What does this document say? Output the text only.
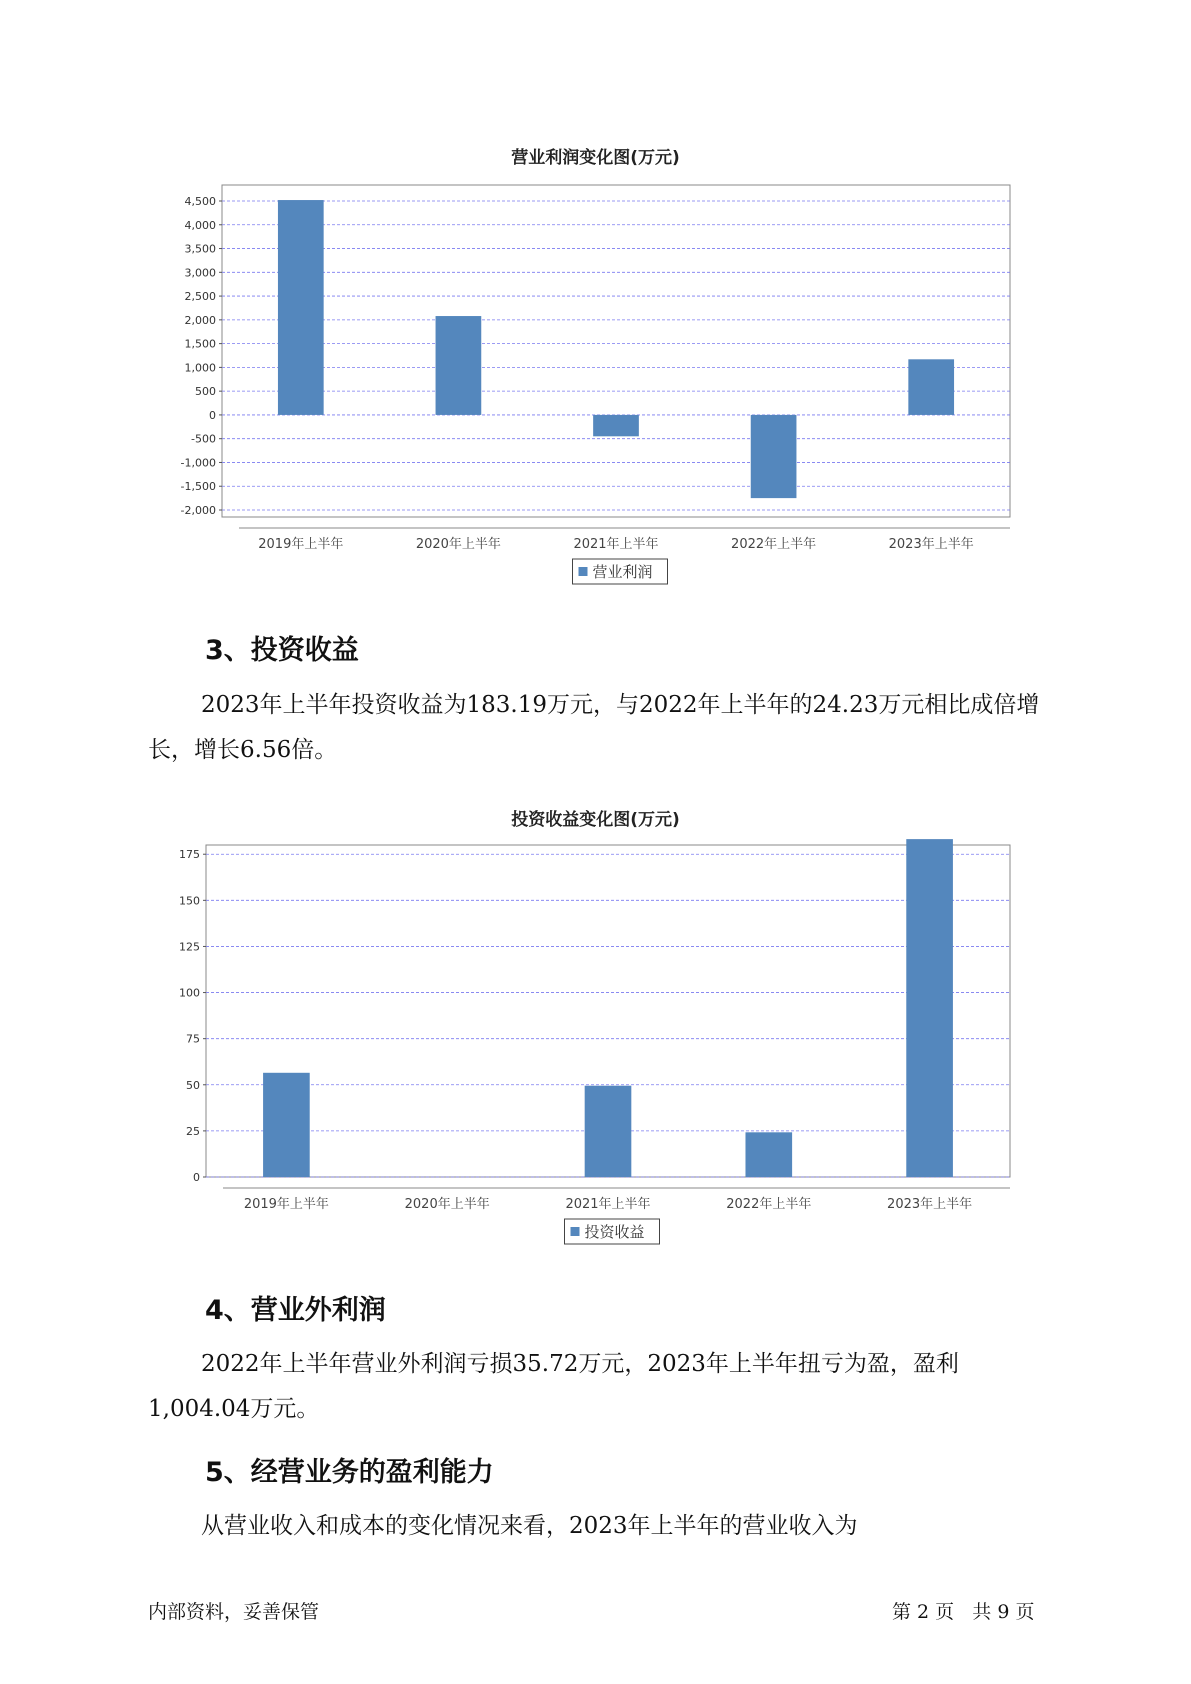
营业利润变化图(万元)
4,500
4,000
3,500
3,000
2,500
2,000
1,500
1,000
500
0
-500
-1,000
-1,500
-2,000
2019年上半年	2020年上半年	2021年上半年	2022年上半年	2023年上半年
营业利润
3、投资收益
2023年上半年投资收益为183.19万元，与2022年上半年的24.23万元相比成倍增长，增长6.56倍。
投资收益变化图(万元)
175
150
125
100
75
50
25
0
2019年上半年	2020年上半年	2021年上半年	2022年上半年	2023年上半年
投资收益
4、营业外利润
2022年上半年营业外利润亏损35.72万元，2023年上半年扭亏为盈，盈利1,004.04万元。
5、经营业务的盈利能力
从营业收入和成本的变化情况来看，2023年上半年的营业收入为
内部资料，妥善保管	第 2 页   共 9 页
